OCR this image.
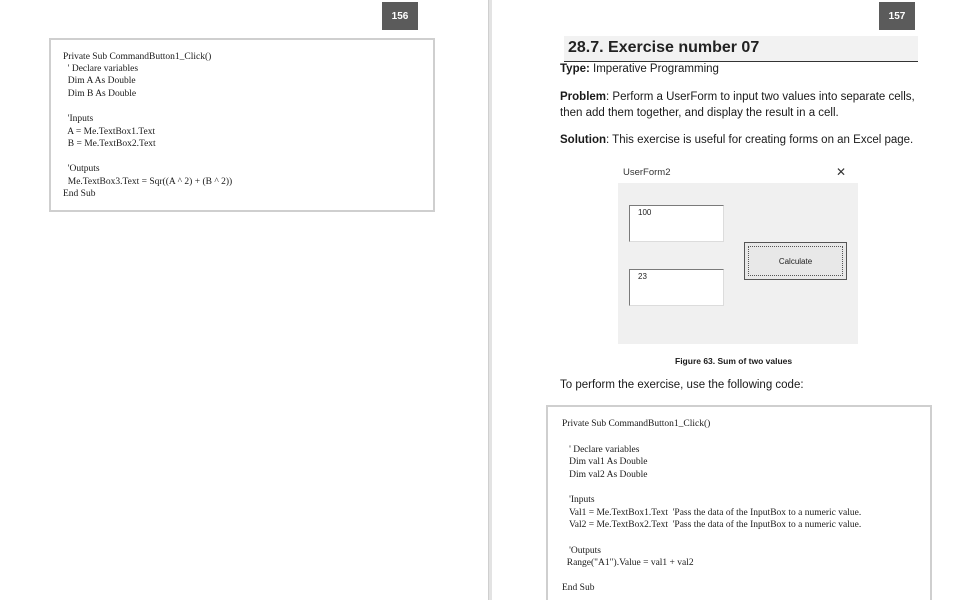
156
Private Sub CommandButton1_Click()
' Declare variables
Dim A As Double
Dim B As Double
'Inputs
A = Me.TextBox1.Text
B = Me.TextBox2.Text
'Outputs
Me.TextBox3.Text = Sqr((A ^ 2) + (B ^ 2))
End Sub
157
28.7. Exercise number 07
Type: Imperative Programming
Problem: Perform a UserForm to input two values into separate cells, then add them together, and display the result in a cell.
Solution: This exercise is useful for creating forms on an Excel page.
UserForm2	✕
100
23
Calculate
Figure 63. Sum of two values
To perform the exercise, use the following code:
Private Sub CommandButton1_Click()
' Declare variables
Dim val1 As Double
Dim val2 As Double
'Inputs
Val1 = Me.TextBox1.Text  'Pass the data of the InputBox to a numeric value.
Val2 = Me.TextBox2.Text  'Pass the data of the InputBox to a numeric value.
'Outputs
Range("A1").Value = val1 + val2
End Sub
